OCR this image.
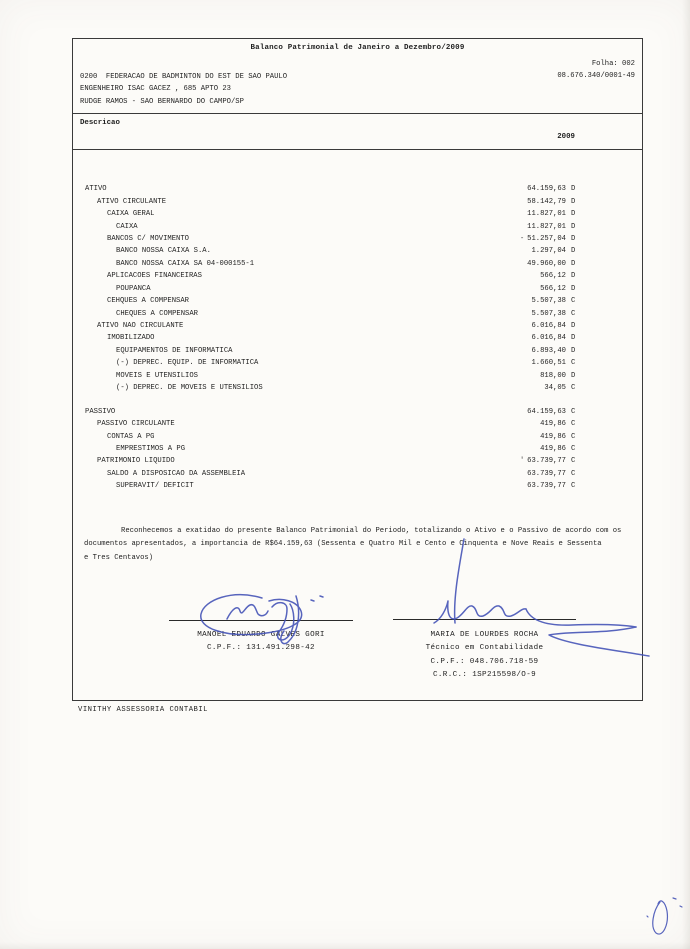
Balanco Patrimonial de Janeiro a Dezembro/2009
Folha: 002
08.676.340/0001-49
0200  FEDERACAO DE BADMINTON DO EST DE SAO PAULO
ENGENHEIRO ISAC GACEZ , 685 APTO 23
RUDGE RAMOS - SAO BERNARDO DO CAMPO/SP
Descricao
2009
ATIVO	64.159,63 D
ATIVO CIRCULANTE	58.142,79 D
CAIXA GERAL	11.827,01 D
CAIXA	11.827,01 D
BANCOS C/ MOVIMENTO	- 51.257,04 D
BANCO NOSSA CAIXA S.A.	1.297,04 D
BANCO NOSSA CAIXA SA 04-000155-1	49.960,00 D
APLICACOES FINANCEIRAS	566,12 D
POUPANCA	566,12 D
CEHQUES A COMPENSAR	5.507,38 C
CHEQUES A COMPENSAR	5.507,38 C
ATIVO NAO CIRCULANTE	6.016,84 D
IMOBILIZADO	6.016,84 D
EQUIPAMENTOS DE INFORMATICA	6.893,40 D
(-) DEPREC. EQUIP. DE INFORMATICA	1.660,51 C
MOVEIS E UTENSILIOS	818,00 D
(-) DEPREC. DE MOVEIS E UTENSILIOS	34,05 C
PASSIVO	64.159,63 C
PASSIVO CIRCULANTE	419,86 C
CONTAS A PG	419,86 C
EMPRESTIMOS A PG	419,86 C
PATRIMONIO LIQUIDO	' 63.739,77 C
SALDO A DISPOSICAO DA ASSEMBLEIA	63.739,77 C
SUPERAVIT/ DEFICIT	63.739,77 C
Reconhecemos a exatidao do presente Balanco Patrimonial do Periodo, totalizando o Ativo e o Passivo de acordo com os
documentos apresentados, a importancia de R$64.159,63 (Sessenta e Quatro Mil e Cento e Cinquenta e Nove Reais e Sessenta
e Tres Centavos)
MANOEL EDUARDO GALVES GORI
C.P.F.: 131.491.298-42
MARIA DE LOURDES ROCHA
Técnico em Contabilidade
C.P.F.: 048.706.718-59
C.R.C.: 1SP215598/O-9
VINITHY ASSESSORIA CONTABIL
